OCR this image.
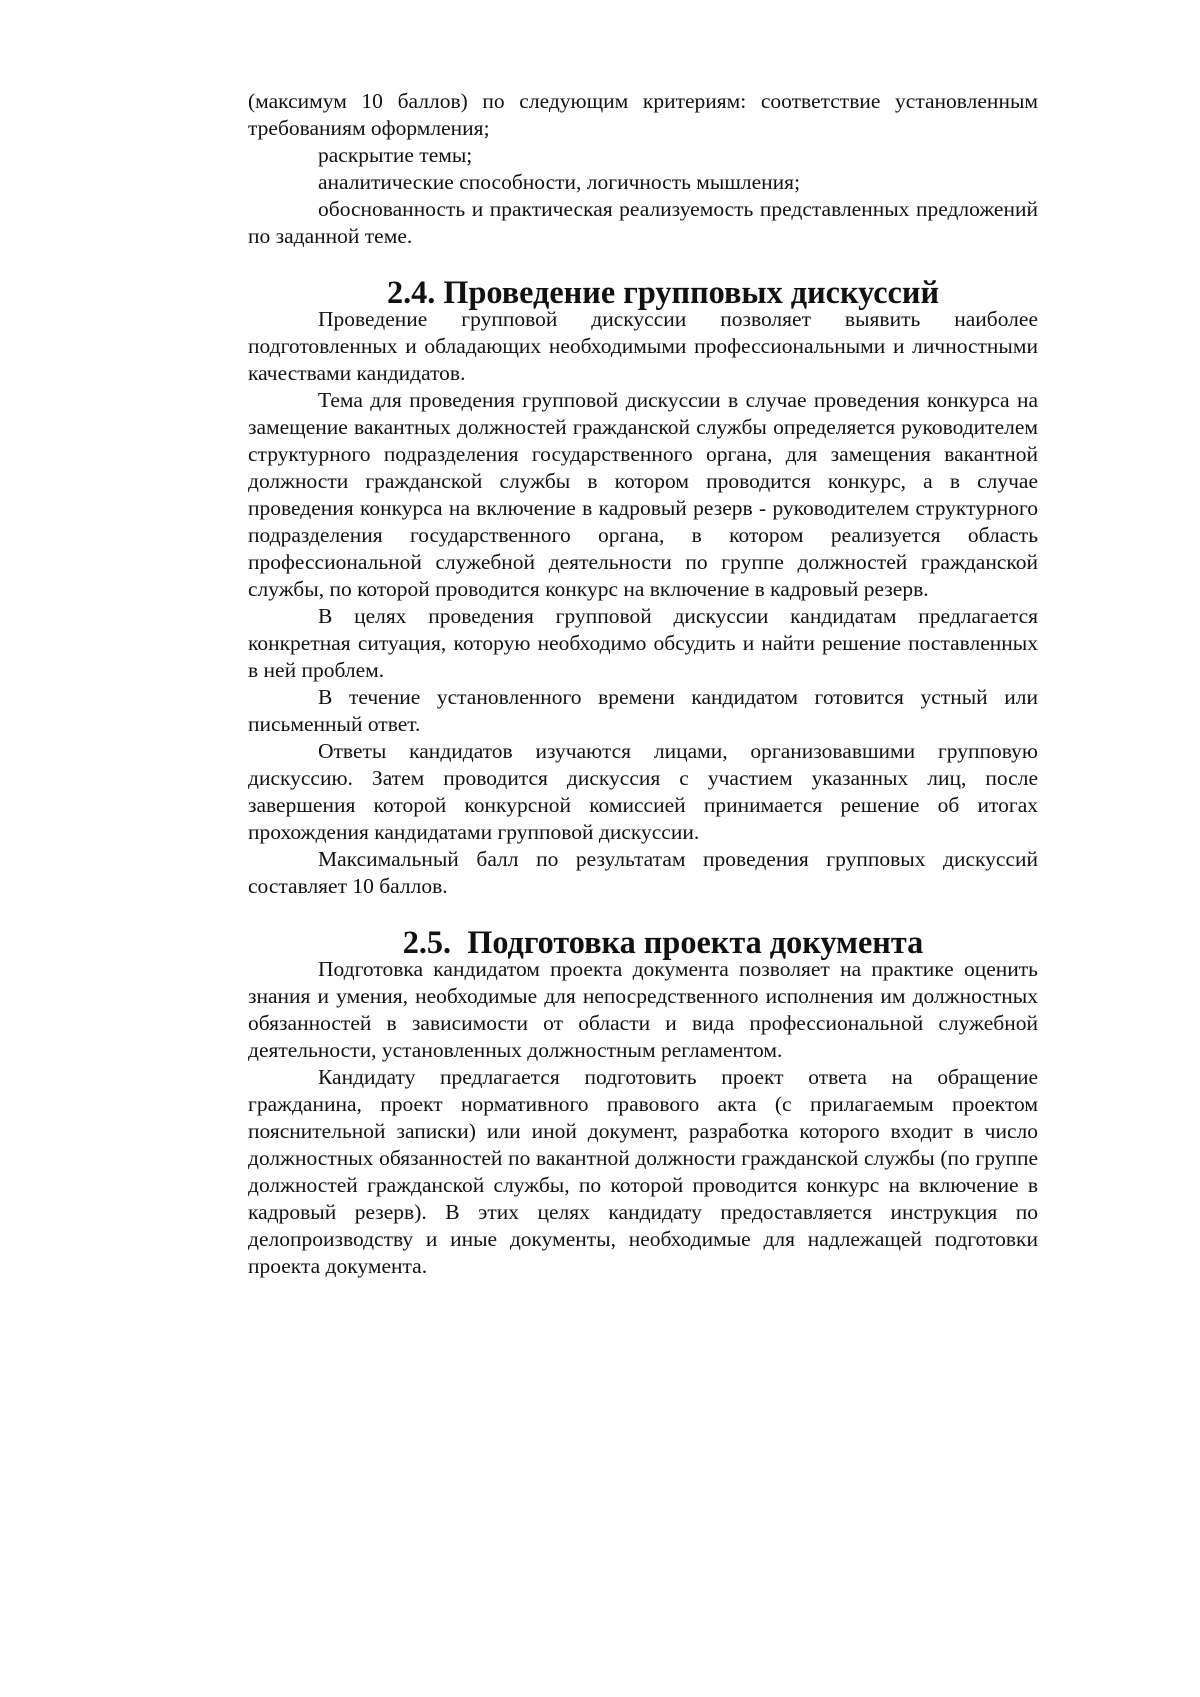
(максимум 10 баллов) по следующим критериям: соответствие установленным требованиям оформления;

раскрытие темы;

аналитические способности, логичность мышления;

обоснованность и практическая реализуемость представленных предложений по заданной теме.

2.4. Проведение групповых дискуссий

Проведение групповой дискуссии позволяет выявить наиболее подготовленных и обладающих необходимыми профессиональными и личностными качествами кандидатов.

Тема для проведения групповой дискуссии в случае проведения конкурса на замещение вакантных должностей гражданской службы определяется руководителем структурного подразделения государственного органа, для замещения вакантной должности гражданской службы в котором проводится конкурс, а в случае проведения конкурса на включение в кадровый резерв - руководителем структурного подразделения государственного органа, в котором реализуется область профессиональной служебной деятельности по группе должностей гражданской службы, по которой проводится конкурс на включение в кадровый резерв.

В целях проведения групповой дискуссии кандидатам предлагается конкретная ситуация, которую необходимо обсудить и найти решение поставленных в ней проблем.

В течение установленного времени кандидатом готовится устный или письменный ответ.

Ответы кандидатов изучаются лицами, организовавшими групповую дискуссию. Затем проводится дискуссия с участием указанных лиц, после завершения которой конкурсной комиссией принимается решение об итогах прохождения кандидатами групповой дискуссии.

Максимальный балл по результатам проведения групповых дискуссий составляет 10 баллов.

2.5.  Подготовка проекта документа

Подготовка кандидатом проекта документа позволяет на практике оценить знания и умения, необходимые для непосредственного исполнения им должностных обязанностей в зависимости от области и вида профессиональной служебной деятельности, установленных должностным регламентом.

Кандидату предлагается подготовить проект ответа на обращение гражданина, проект нормативного правового акта (с прилагаемым проектом пояснительной записки) или иной документ, разработка которого входит в число должностных обязанностей по вакантной должности гражданской службы (по группе должностей гражданской службы, по которой проводится конкурс на включение в кадровый резерв). В этих целях кандидату предоставляется инструкция по делопроизводству и иные документы, необходимые для надлежащей подготовки проекта документа.
